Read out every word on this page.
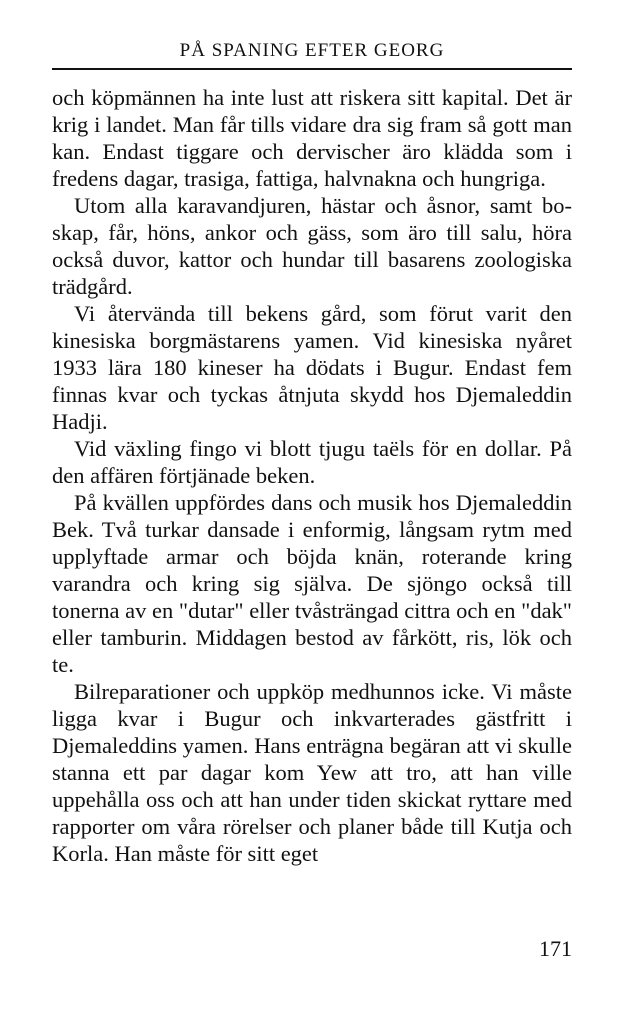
PÅ SPANING EFTER GEORG

och köpmännen ha inte lust att riskera sitt kapital. Det är krig i landet. Man får tills vidare dra sig fram så gott man kan. Endast tiggare och dervischer äro klädda som i fredens dagar, trasiga, fattiga, halvnakna och hungriga.

Utom alla karavandjuren, hästar och åsnor, samt boskap, får, höns, ankor och gäss, som äro till salu, höra också duvor, kattor och hundar till basarens zoologiska trädgård.

Vi återvända till bekens gård, som förut varit den kinesiska borgmästarens yamen. Vid kinesiska nyåret 1933 lära 180 kineser ha dödats i Bugur. Endast fem finnas kvar och tyckas åtnjuta skydd hos Djemaleddin Hadji.

Vid växling fingo vi blott tjugu taëls för en dollar. På den affären förtjänade beken.

På kvällen uppfördes dans och musik hos Djemaleddin Bek. Två turkar dansade i enformig, långsam rytm med upplyftade armar och böjda knän, roterande kring varandra och kring sig själva. De sjöngo också till tonerna av en "dutar" eller tvåsträngad cittra och en "dak" eller tamburin. Middagen bestod av fårkött, ris, lök och te.

Bilreparationer och uppköp medhunnos icke. Vi måste ligga kvar i Bugur och inkvarterades gästfritt i Djemaleddins yamen. Hans enträgna begäran att vi skulle stanna ett par dagar kom Yew att tro, att han ville uppehålla oss och att han under tiden skickat ryttare med rapporter om våra rörelser och planer både till Kutja och Korla. Han måste för sitt eget

171
